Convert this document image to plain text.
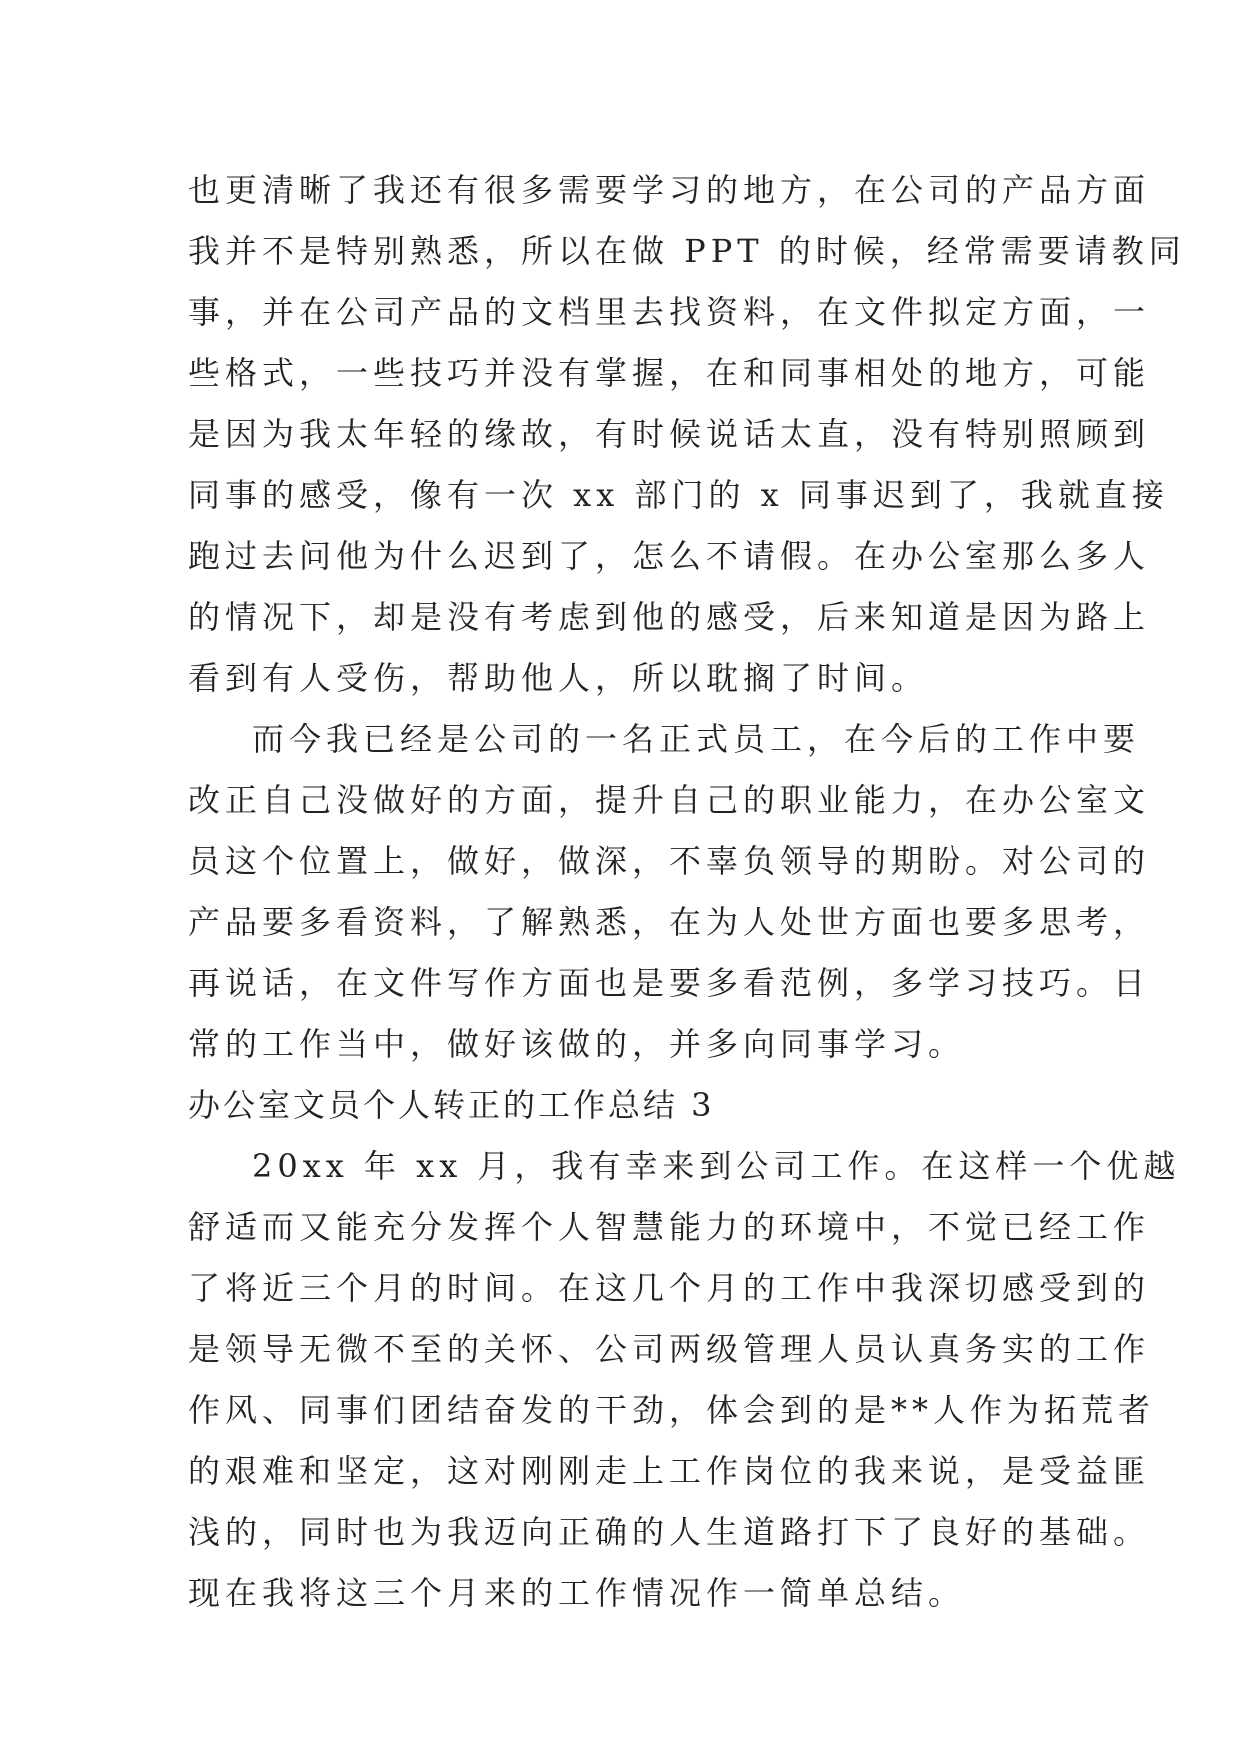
也更清晰了我还有很多需要学习的地方，在公司的产品方面
我并不是特别熟悉，所以在做 PPT 的时候，经常需要请教同
事，并在公司产品的文档里去找资料，在文件拟定方面，一
些格式，一些技巧并没有掌握，在和同事相处的地方，可能
是因为我太年轻的缘故，有时候说话太直，没有特别照顾到
同事的感受，像有一次 xx 部门的 x 同事迟到了，我就直接
跑过去问他为什么迟到了，怎么不请假。在办公室那么多人
的情况下，却是没有考虑到他的感受，后来知道是因为路上
看到有人受伤，帮助他人，所以耽搁了时间。
而今我已经是公司的一名正式员工，在今后的工作中要
改正自己没做好的方面，提升自己的职业能力，在办公室文
员这个位置上，做好，做深，不辜负领导的期盼。对公司的
产品要多看资料，了解熟悉，在为人处世方面也要多思考，
再说话，在文件写作方面也是要多看范例，多学习技巧。日
常的工作当中，做好该做的，并多向同事学习。
办公室文员个人转正的工作总结 3
20xx 年 xx 月，我有幸来到公司工作。在这样一个优越
舒适而又能充分发挥个人智慧能力的环境中，不觉已经工作
了将近三个月的时间。在这几个月的工作中我深切感受到的
是领导无微不至的关怀、公司两级管理人员认真务实的工作
作风、同事们团结奋发的干劲，体会到的是**人作为拓荒者
的艰难和坚定，这对刚刚走上工作岗位的我来说，是受益匪
浅的，同时也为我迈向正确的人生道路打下了良好的基础。
现在我将这三个月来的工作情况作一简单总结。
